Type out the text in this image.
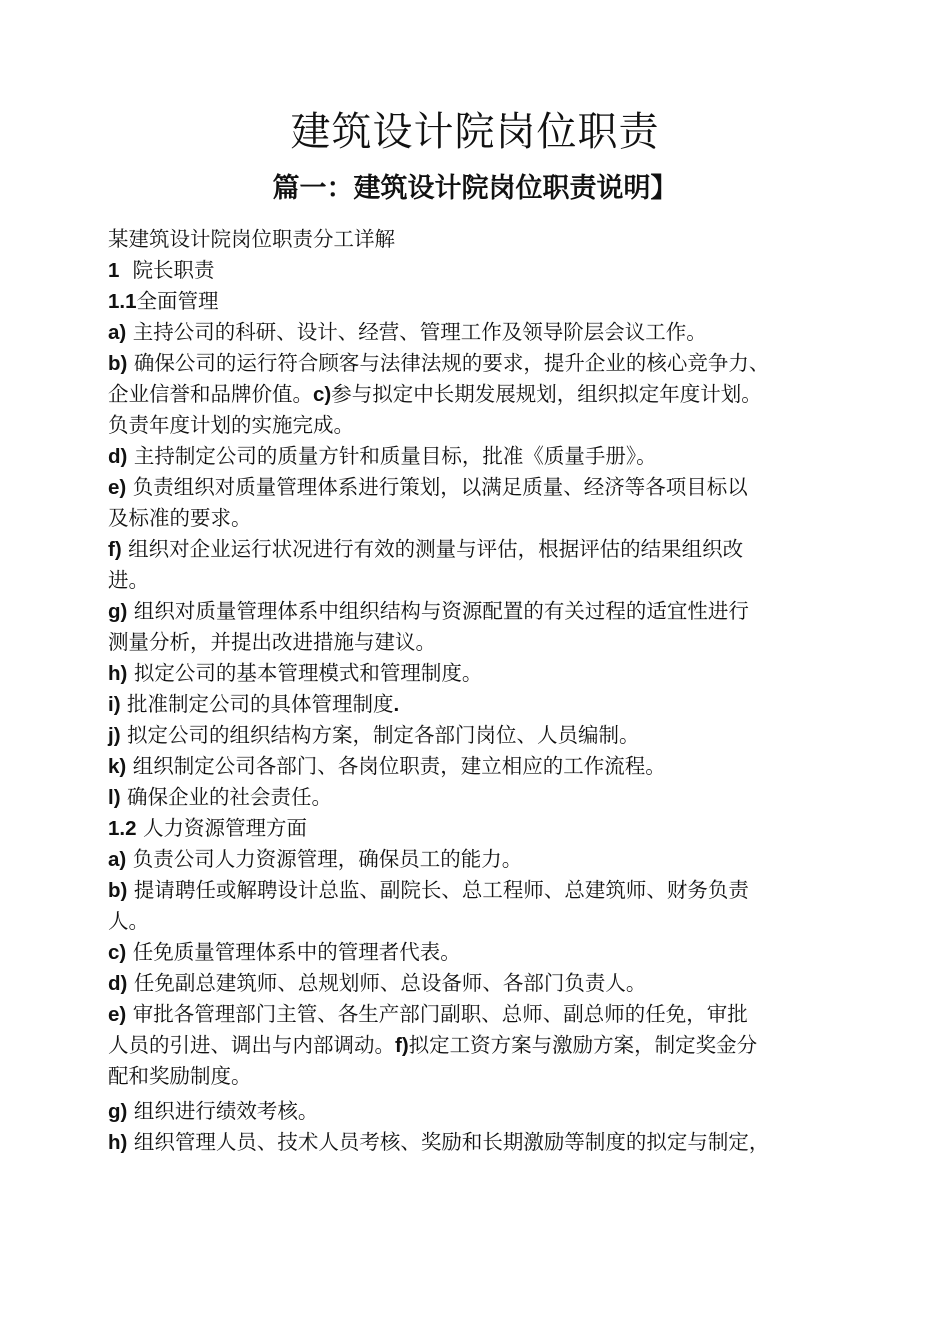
建筑设计院岗位职责
篇一：建筑设计院岗位职责说明】

某建筑设计院岗位职责分工详解

1 院长职责

1.1全面管理

a) 主持公司的科研、设计、经营、管理工作及领导阶层会议工作。

b) 确保公司的运行符合顾客与法律法规的要求，提升企业的核心竞争力、

企业信誉和品牌价值。c)参与拟定中长期发展规划，组织拟定年度计划。

负责年度计划的实施完成。

d) 主持制定公司的质量方针和质量目标，批准《质量手册》。

e) 负责组织对质量管理体系进行策划，以满足质量、经济等各项目标以

及标准的要求。

f) 组织对企业运行状况进行有效的测量与评估，根据评估的结果组织改

进。

g) 组织对质量管理体系中组织结构与资源配置的有关过程的适宜性进行

测量分析，并提出改进措施与建议。

h) 拟定公司的基本管理模式和管理制度。

i) 批准制定公司的具体管理制度.

j) 拟定公司的组织结构方案，制定各部门岗位、人员编制。

k) 组织制定公司各部门、各岗位职责，建立相应的工作流程。

l) 确保企业的社会责任。

1.2 人力资源管理方面

a) 负责公司人力资源管理，确保员工的能力。

b) 提请聘任或解聘设计总监、副院长、总工程师、总建筑师、财务负责

人。

c) 任免质量管理体系中的管理者代表。

d) 任免副总建筑师、总规划师、总设备师、各部门负责人。

e) 审批各管理部门主管、各生产部门副职、总师、副总师的任免，审批

人员的引进、调出与内部调动。f)拟定工资方案与激励方案，制定奖金分

配和奖励制度。

g) 组织进行绩效考核。

h) 组织管理人员、技术人员考核、奖励和长期激励等制度的拟定与制定，
